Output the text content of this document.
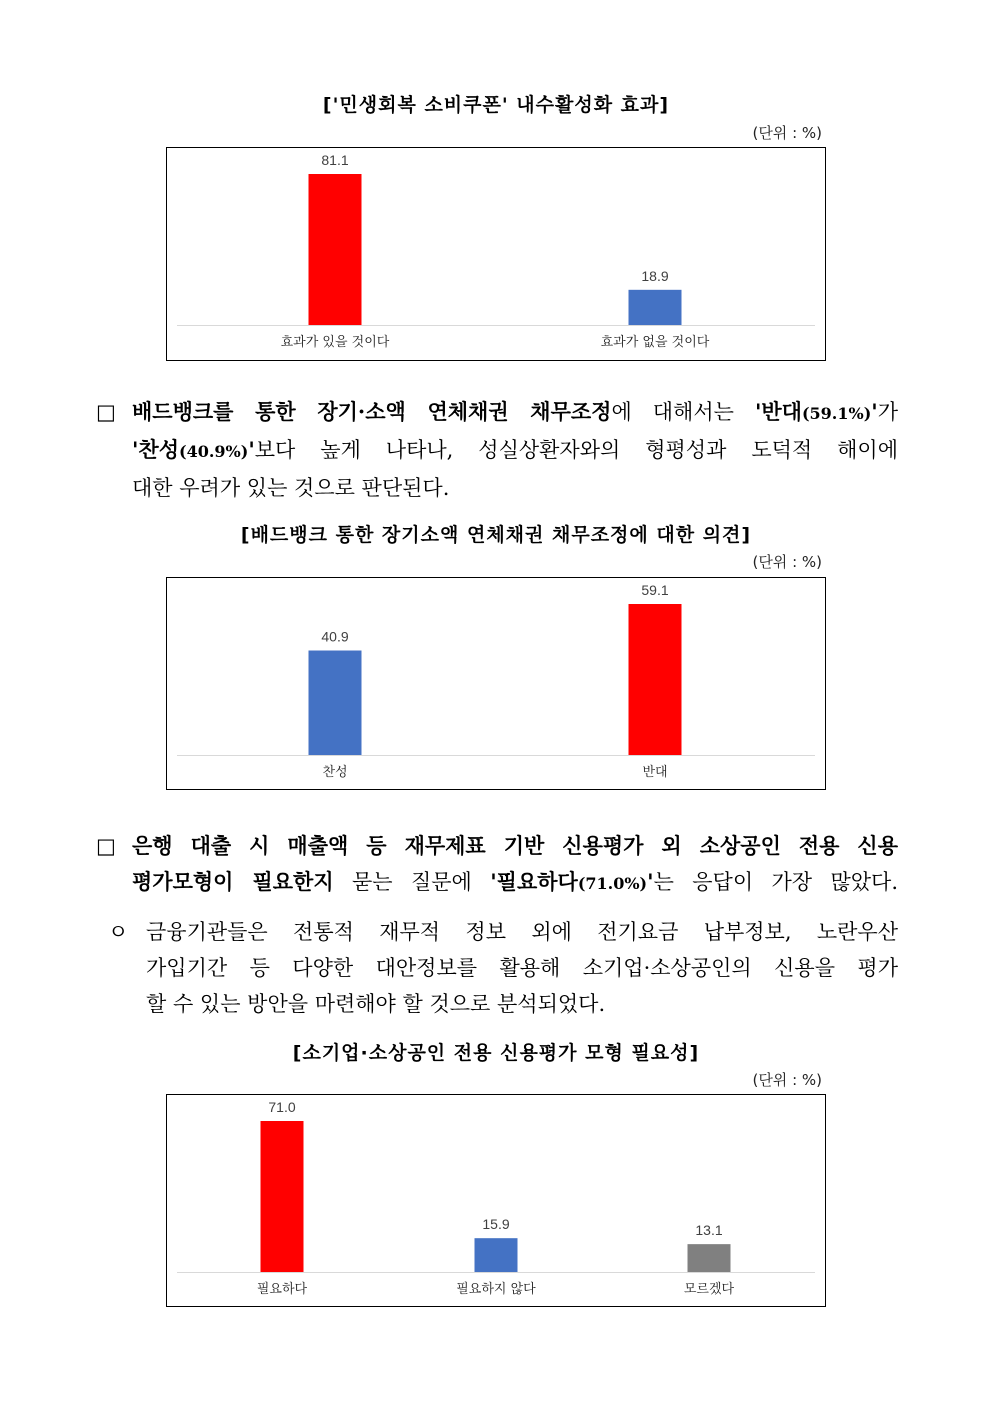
['민생회복 소비쿠폰' 내수활성화 효과]
(단위 : %)
81.1
효과가 있을 것이다
18.9
효과가 없을 것이다
□ 배드뱅크를 통한 장기·소액 연체채권 채무조정에 대해서는 '반대(59.1%)'가
'찬성(40.9%)'보다 높게 나타나, 성실상환자와의 형평성과 도덕적 해이에
대한 우려가 있는 것으로 판단된다.
[배드뱅크 통한 장기소액 연체채권 채무조정에 대한 의견]
(단위 : %)
40.9
찬성
59.1
반대
□ 은행 대출 시 매출액 등 재무제표 기반 신용평가 외 소상공인 전용 신용
평가모형이 필요한지 묻는 질문에 '필요하다(71.0%)'는 응답이 가장 많았다.
ㅇ 금융기관들은 전통적 재무적 정보 외에 전기요금 납부정보, 노란우산
가입기간 등 다양한 대안정보를 활용해 소기업·소상공인의 신용을 평가
할 수 있는 방안을 마련해야 할 것으로 분석되었다.
[소기업·소상공인 전용 신용평가 모형 필요성]
(단위 : %)
71.0
필요하다
15.9
필요하지 않다
13.1
모르겠다
